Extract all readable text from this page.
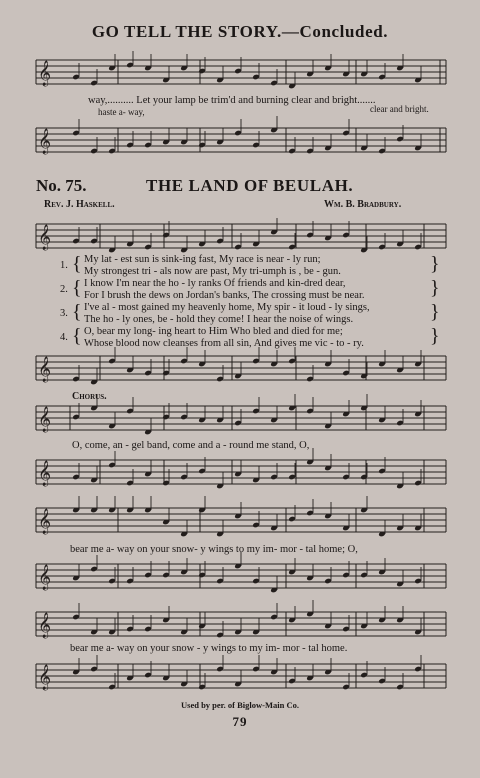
GO TELL THE STORY.—Concluded.
𝄞
𝄞
𝄞
𝄞
𝄞
𝄞
𝄞
𝄞
𝄞
𝄞
way,.......... Let your lamp be trim'd and burning clear and bright.......
haste a- way,	clear and bright.
No. 75.	THE LAND OF BEULAH.
Rev. J. Haskell.	Wm. B. Bradbury.
1. { My lat - est sun is sink-ing fast, My race is near - ly run;
My strongest tri - als now are past, My tri-umph is , be - gun.	}
2. { I know I'm near the ho - ly ranks Of friends and kin-dred dear,
For I brush the dews on Jordan's banks, The crossing must be near.	}
3. { I've al - most gained my heavenly home, My spir - it loud - ly sings,
The ho - ly ones, be - hold they come! I hear the noise of wings.	}
4. { O, bear my long- ing heart to Him Who bled and died for me;
Whose blood now cleanses from all sin, And gives me vic - to - ry.	}
Chorus.
O, come, an - gel band, come and a - round me stand, O,
bear me a- way on your snow- y wings to my im- mor - tal home; O,
bear me a- way on your snow - y wings to my im- mor - tal home.
Used by per. of Biglow-Main Co.
79
